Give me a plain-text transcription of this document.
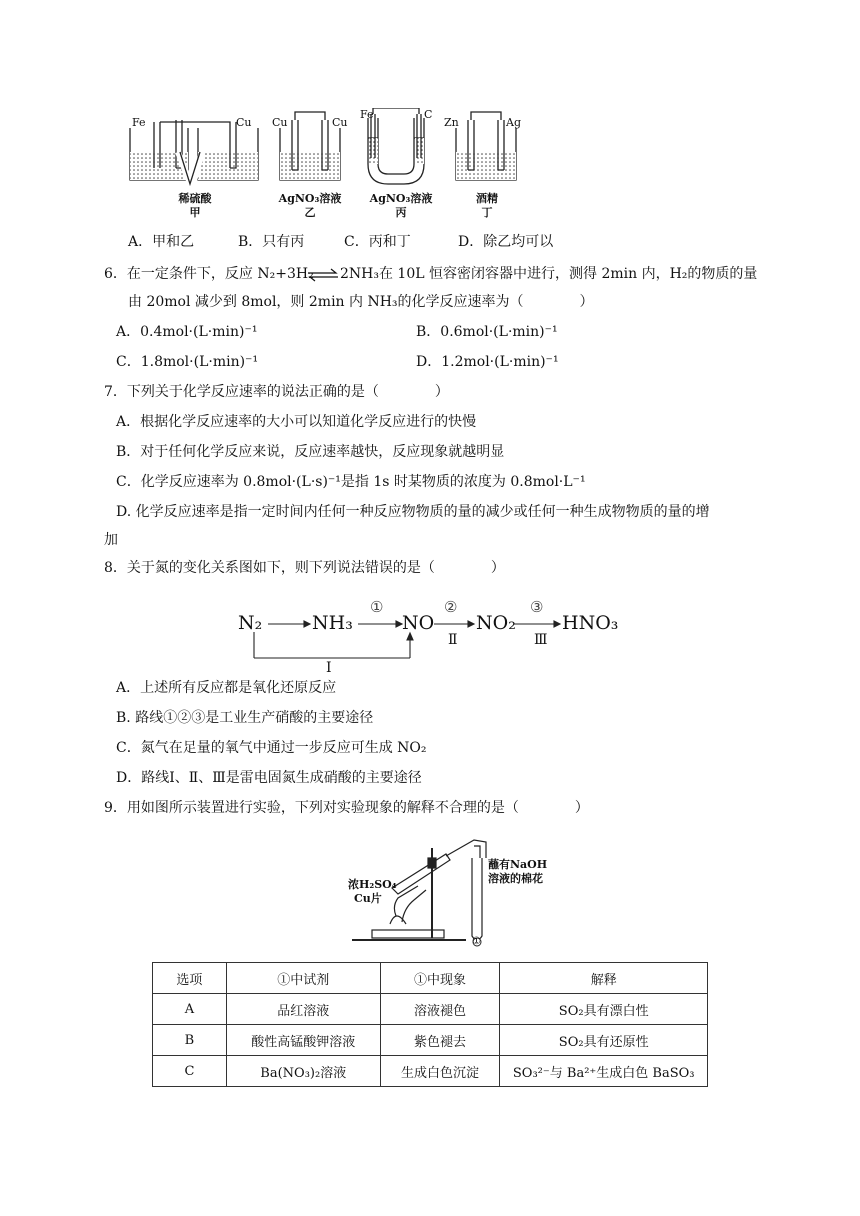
Fe	Cu
稀硫酸
甲
Cu	Cu
AgNO₃溶液
乙
Fe	C
AgNO₃溶液
丙
Zn	Ag
酒精
丁
A．甲和乙	B．只有丙	C．丙和丁	D．除乙均可以
6．在一定条件下，反应 N₂+3H₂ ⇌ 2NH₃在 10L 恒容密闭容器中进行，测得 2min 内，H₂的物质的量
由 20mol 减少到 8mol，则 2min 内 NH₃的化学反应速率为（　　　　）
A．0.4mol·(L·min)⁻¹	B．0.6mol·(L·min)⁻¹
C．1.8mol·(L·min)⁻¹	D．1.2mol·(L·min)⁻¹
7．下列关于化学反应速率的说法正确的是（　　　　）
A．根据化学反应速率的大小可以知道化学反应进行的快慢
B．对于任何化学反应来说，反应速率越快，反应现象就越明显
C．化学反应速率为 0.8mol·(L·s)⁻¹是指 1s 时某物质的浓度为 0.8mol·L⁻¹
D. 化学反应速率是指一定时间内任何一种反应物物质的量的减少或任何一种生成物物质的量的增
加
8．关于氮的变化关系图如下，则下列说法错误的是（　　　　）
N₂	NH₃	NO NO₂ HNO₃
①	②	③
Ⅱ	Ⅲ
Ⅰ
A．上述所有反应都是氧化还原反应
B. 路线①②③是工业生产硝酸的主要途径
C．氮气在足量的氧气中通过一步反应可生成 NO₂
D．路线Ⅰ、Ⅱ、Ⅲ是雷电固氮生成硝酸的主要途径
9．用如图所示装置进行实验，下列对实验现象的解释不合理的是（　　　　）
浓H₂SO₄
Cu片
蘸有NaOH
溶液的棉花
①
选项	①中试剂	①中现象	解释
A	品红溶液	溶液褪色	SO₂具有漂白性
B	酸性高锰酸钾溶液	紫色褪去	SO₂具有还原性
C	Ba(NO₃)₂溶液	生成白色沉淀	SO₃²⁻与 Ba²⁺生成白色 BaSO₃
